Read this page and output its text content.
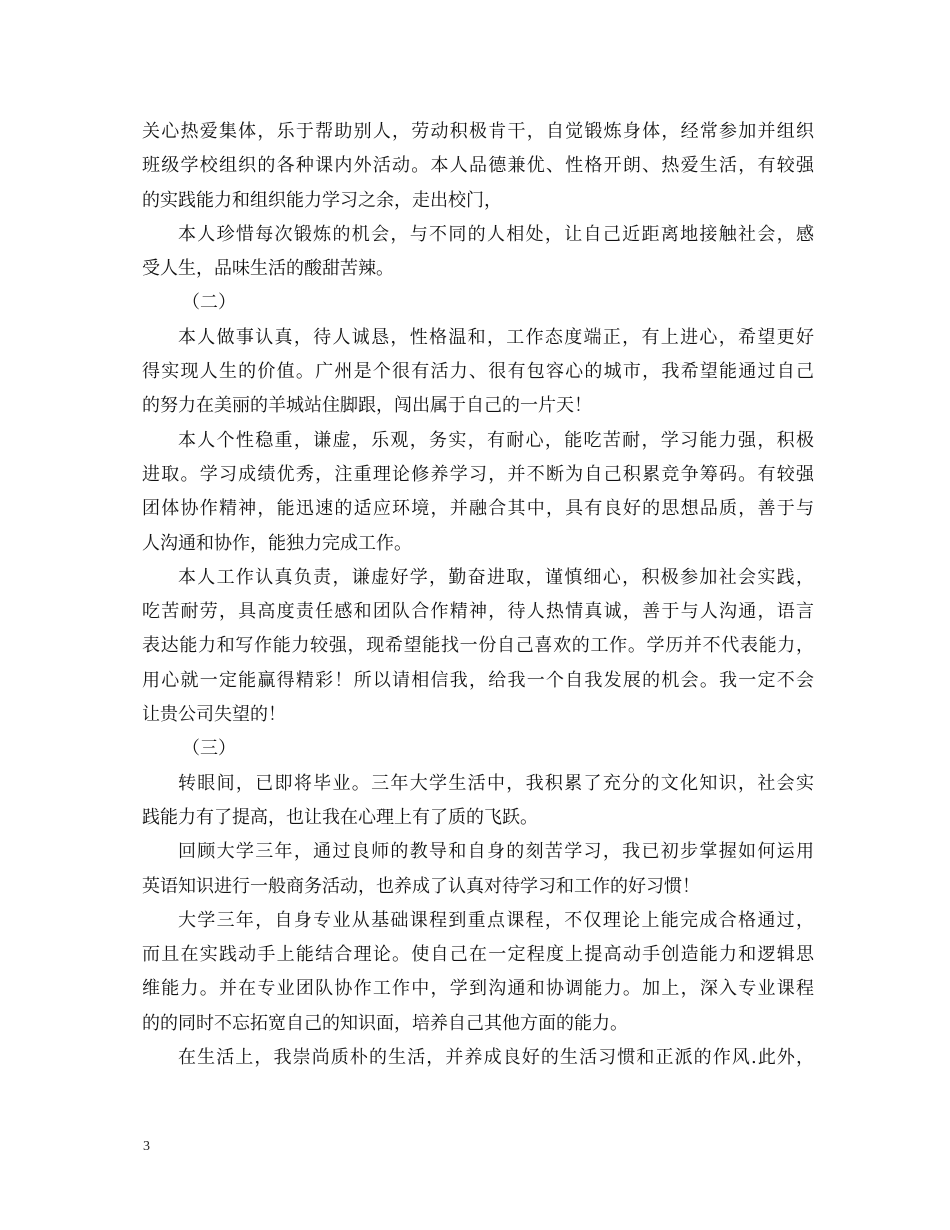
关心热爱集体，乐于帮助别人，劳动积极肯干，自觉锻炼身体，经常参加并组织
班级学校组织的各种课内外活动。本人品德兼优、性格开朗、热爱生活，有较强
的实践能力和组织能力学习之余，走出校门，
本人珍惜每次锻炼的机会，与不同的人相处，让自己近距离地接触社会，感
受人生，品味生活的酸甜苦辣。
（二）
本人做事认真，待人诚恳，性格温和，工作态度端正，有上进心，希望更好
得实现人生的价值。广州是个很有活力、很有包容心的城市，我希望能通过自己
的努力在美丽的羊城站住脚跟，闯出属于自己的一片天！
本人个性稳重，谦虚，乐观，务实，有耐心，能吃苦耐，学习能力强，积极
进取。学习成绩优秀，注重理论修养学习，并不断为自己积累竞争筹码。有较强
团体协作精神，能迅速的适应环境，并融合其中，具有良好的思想品质，善于与
人沟通和协作，能独力完成工作。
本人工作认真负责，谦虚好学，勤奋进取，谨慎细心，积极参加社会实践，
吃苦耐劳，具高度责任感和团队合作精神，待人热情真诚，善于与人沟通，语言
表达能力和写作能力较强，现希望能找一份自己喜欢的工作。学历并不代表能力，
用心就一定能赢得精彩！所以请相信我，给我一个自我发展的机会。我一定不会
让贵公司失望的！
（三）
转眼间，已即将毕业。三年大学生活中，我积累了充分的文化知识，社会实
践能力有了提高，也让我在心理上有了质的飞跃。
回顾大学三年，通过良师的教导和自身的刻苦学习，我已初步掌握如何运用
英语知识进行一般商务活动，也养成了认真对待学习和工作的好习惯！
大学三年，自身专业从基础课程到重点课程，不仅理论上能完成合格通过，
而且在实践动手上能结合理论。使自己在一定程度上提高动手创造能力和逻辑思
维能力。并在专业团队协作工作中，学到沟通和协调能力。加上，深入专业课程
的的同时不忘拓宽自己的知识面，培养自己其他方面的能力。
在生活上，我崇尚质朴的生活，并养成良好的生活习惯和正派的作风.此外，
3
